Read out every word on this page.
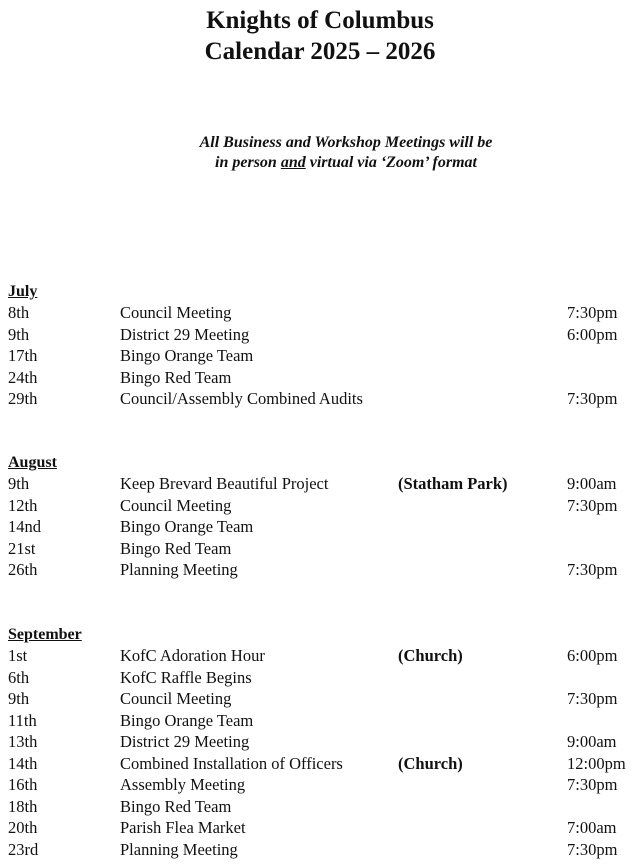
Knights of Columbus
Calendar 2025 – 2026
All Business and Workshop Meetings will be
in person and virtual via ‘Zoom’ format
July
8th	Council Meeting	7:30pm
9th	District 29 Meeting	6:00pm
17th	Bingo Orange Team
24th	Bingo Red Team
29th	Council/Assembly Combined Audits	7:30pm
August
9th	Keep Brevard Beautiful Project	(Statham Park)	9:00am
12th	Council Meeting	7:30pm
14nd	Bingo Orange Team
21st	Bingo Red Team
26th	Planning Meeting	7:30pm
September
1st	KofC Adoration Hour	(Church)	6:00pm
6th	KofC Raffle Begins
9th	Council Meeting	7:30pm
11th	Bingo Orange Team
13th	District 29 Meeting	9:00am
14th	Combined Installation of Officers	(Church)	12:00pm
16th	Assembly Meeting	7:30pm
18th	Bingo Red Team
20th	Parish Flea Market	7:00am
23rd	Planning Meeting	7:30pm
